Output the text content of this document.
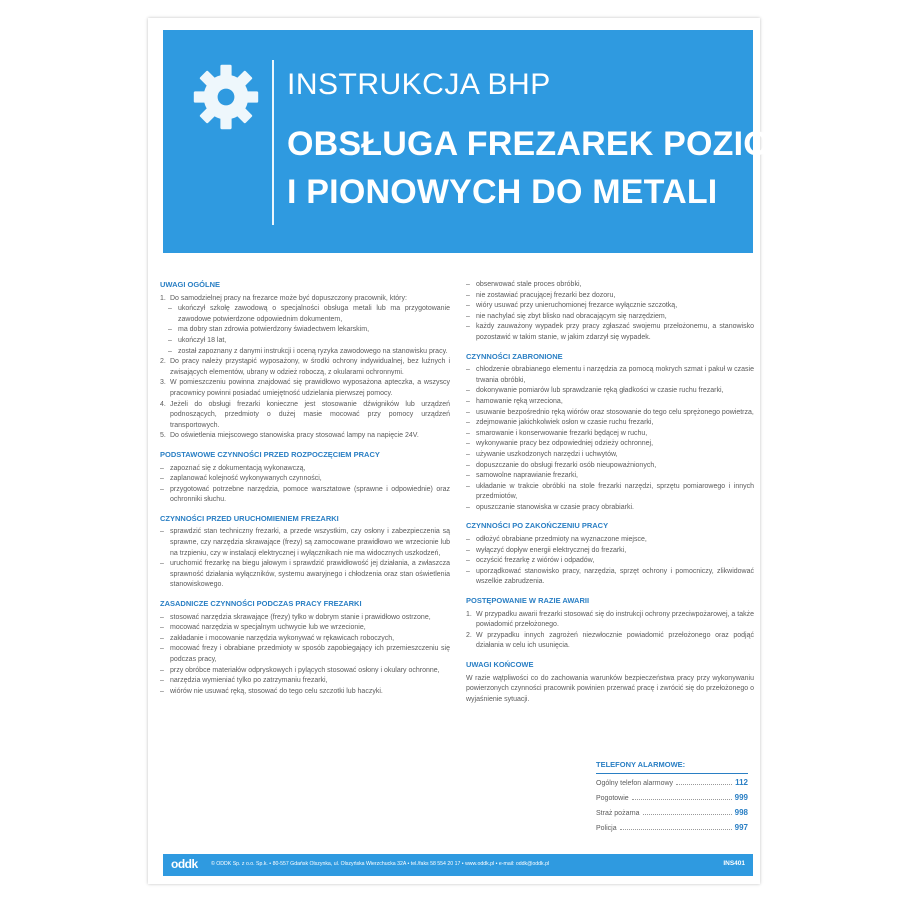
INSTRUKCJA BHP
OBSŁUGA FREZAREK POZIOMYCH
I PIONOWYCH DO METALI
UWAGI OGÓLNE
1. Do samodzielnej pracy na frezarce może być dopuszczony pracownik, który:
– ukończył szkołę zawodową o specjalności obsługa metali lub ma przygotowanie zawodowe potwierdzone odpowiednim dokumentem,
– ma dobry stan zdrowia potwierdzony świadectwem lekarskim,
– ukończył 18 lat,
– został zapoznany z danymi instrukcji i oceną ryzyka zawodowego na stanowisku pracy.
2. Do pracy należy przystąpić wyposażony, w środki ochrony indywidualnej, bez luźnych i zwisających elementów, ubrany w odzież roboczą, z okularami ochronnymi.
3. W pomieszczeniu powinna znajdować się prawidłowo wyposażona apteczka, a wszyscy pracownicy powinni posiadać umiejętność udzielania pierwszej pomocy.
4. Jeżeli do obsługi frezarki konieczne jest stosowanie dźwigników lub urządzeń podnoszących, przedmioty o dużej masie mocować przy pomocy urządzeń transportowych.
5. Do oświetlenia miejscowego stanowiska pracy stosować lampy na napięcie 24V.
PODSTAWOWE CZYNNOŚCI PRZED ROZPOCZĘCIEM PRACY
– zapoznać się z dokumentacją wykonawczą,
– zaplanować kolejność wykonywanych czynności,
– przygotować potrzebne narzędzia, pomoce warsztatowe (sprawne i odpowiednie) oraz ochronniki słuchu.
CZYNNOŚCI PRZED URUCHOMIENIEM FREZARKI
– sprawdzić stan techniczny frezarki, a przede wszystkim, czy osłony i zabezpieczenia są sprawne, czy narzędzia skrawające (frezy) są zamocowane prawidłowo we wrzecionie lub na trzpieniu, czy w instalacji elektrycznej i wyłącznikach nie ma widocznych uszkodzeń,
– uruchomić frezarkę na biegu jałowym i sprawdzić prawidłowość jej działania, a zwłaszcza sprawność działania wyłączników, systemu awaryjnego i chłodzenia oraz stan oświetlenia stanowiskowego.
ZASADNICZE CZYNNOŚCI PODCZAS PRACY FREZARKI
– stosować narzędzia skrawające (frezy) tylko w dobrym stanie i prawidłowo ostrzone,
– mocować narzędzia w specjalnym uchwycie lub we wrzecionie,
– zakładanie i mocowanie narzędzia wykonywać w rękawicach roboczych,
– mocować frezy i obrabiane przedmioty w sposób zapobiegający ich przemieszczeniu się podczas pracy,
– przy obróbce materiałów odpryskowych i pylących stosować osłony i okulary ochronne,
– narzędzia wymieniać tylko po zatrzymaniu frezarki,
– wiórów nie usuwać ręką, stosować do tego celu szczotki lub haczyki.
– obserwować stale proces obróbki,
– nie zostawiać pracującej frezarki bez dozoru,
– wióry usuwać przy unieruchomionej frezarce wyłącznie szczotką,
– nie nachylać się zbyt blisko nad obracającym się narzędziem,
– każdy zauważony wypadek przy pracy zgłaszać swojemu przełożonemu, a stanowisko pozostawić w takim stanie, w jakim zdarzył się wypadek.
CZYNNOŚCI ZABRONIONE
– chłodzenie obrabianego elementu i narzędzia za pomocą mokrych szmat i pakuł w czasie trwania obróbki,
– dokonywanie pomiarów lub sprawdzanie ręką gładkości w czasie ruchu frezarki,
– hamowanie ręką wrzeciona,
– usuwanie bezpośrednio ręką wiórów oraz stosowanie do tego celu sprężonego powietrza,
– zdejmowanie jakichkolwiek osłon w czasie ruchu frezarki,
– smarowanie i konserwowanie frezarki będącej w ruchu,
– wykonywanie pracy bez odpowiedniej odzieży ochronnej,
– używanie uszkodzonych narzędzi i uchwytów,
– dopuszczanie do obsługi frezarki osób nieupoważnionych,
– samowolne naprawianie frezarki,
– układanie w trakcie obróbki na stole frezarki narzędzi, sprzętu pomiarowego i innych przedmiotów,
– opuszczanie stanowiska w czasie pracy obrabiarki.
CZYNNOŚCI PO ZAKOŃCZENIU PRACY
– odłożyć obrabiane przedmioty na wyznaczone miejsce,
– wyłączyć dopływ energii elektrycznej do frezarki,
– oczyścić frezarkę z wiórów i odpadów,
– uporządkować stanowisko pracy, narzędzia, sprzęt ochrony i pomocniczy, zlikwidować wszelkie zabrudzenia.
POSTĘPOWANIE W RAZIE AWARII
1. W przypadku awarii frezarki stosować się do instrukcji ochrony przeciwpożarowej, a także powiadomić przełożonego.
2. W przypadku innych zagrożeń niezwłocznie powiadomić przełożonego oraz podjąć działania w celu ich usunięcia.
UWAGI KOŃCOWE
W razie wątpliwości co do zachowania warunków bezpieczeństwa pracy przy wykonywaniu powierzonych czynności pracownik powinien przerwać pracę i zwrócić się do przełożonego o wyjaśnienie sytuacji.
TELEFONY ALARMOWE:
Ogólny telefon alarmowy	112
Pogotowie	999
Straż pożarna	998
Policja	997
oddk	© ODDK Sp. z o.o. Sp.k. • 80-557 Gdańsk Olszynka, ul. Olszyńska Wierzchucka 32A • tel./faks 58 554 20 17 • www.oddk.pl • e-mail: oddk@oddk.pl	INS401
